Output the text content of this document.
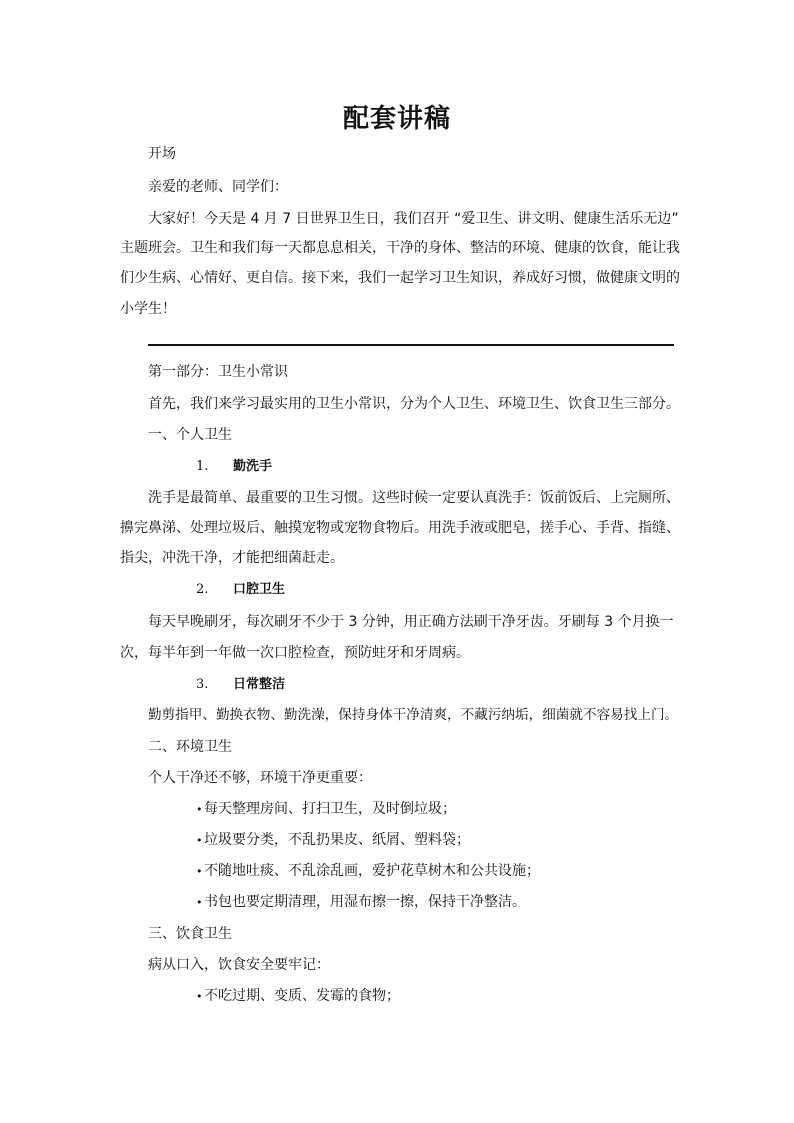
配套讲稿
开场
亲爱的老师、同学们：
大家好！今天是 4 月 7 日世界卫生日，我们召开 “爱卫生、讲文明、健康生活乐无边”
主题班会。卫生和我们每一天都息息相关，干净的身体、整洁的环境、健康的饮食，能让我
们少生病、心情好、更自信。接下来，我们一起学习卫生知识，养成好习惯，做健康文明的
小学生！
第一部分：卫生小常识
首先，我们来学习最实用的卫生小常识，分为个人卫生、环境卫生、饮食卫生三部分。
一、个人卫生
1. 勤洗手
洗手是最简单、最重要的卫生习惯。这些时候一定要认真洗手：饭前饭后、上完厕所、
擤完鼻涕、处理垃圾后、触摸宠物或宠物食物后。用洗手液或肥皂，搓手心、手背、指缝、
指尖，冲洗干净，才能把细菌赶走。
2. 口腔卫生
每天早晚刷牙，每次刷牙不少于 3 分钟，用正确方法刷干净牙齿。牙刷每 3 个月换一
次，每半年到一年做一次口腔检查，预防蛀牙和牙周病。
3. 日常整洁
勤剪指甲、勤换衣物、勤洗澡，保持身体干净清爽，不藏污纳垢，细菌就不容易找上门。
二、环境卫生
个人干净还不够，环境干净更重要：
• 每天整理房间、打扫卫生，及时倒垃圾；
• 垃圾要分类，不乱扔果皮、纸屑、塑料袋；
• 不随地吐痰、不乱涂乱画，爱护花草树木和公共设施；
• 书包也要定期清理，用湿布擦一擦，保持干净整洁。
三、饮食卫生
病从口入，饮食安全要牢记：
• 不吃过期、变质、发霉的食物；
